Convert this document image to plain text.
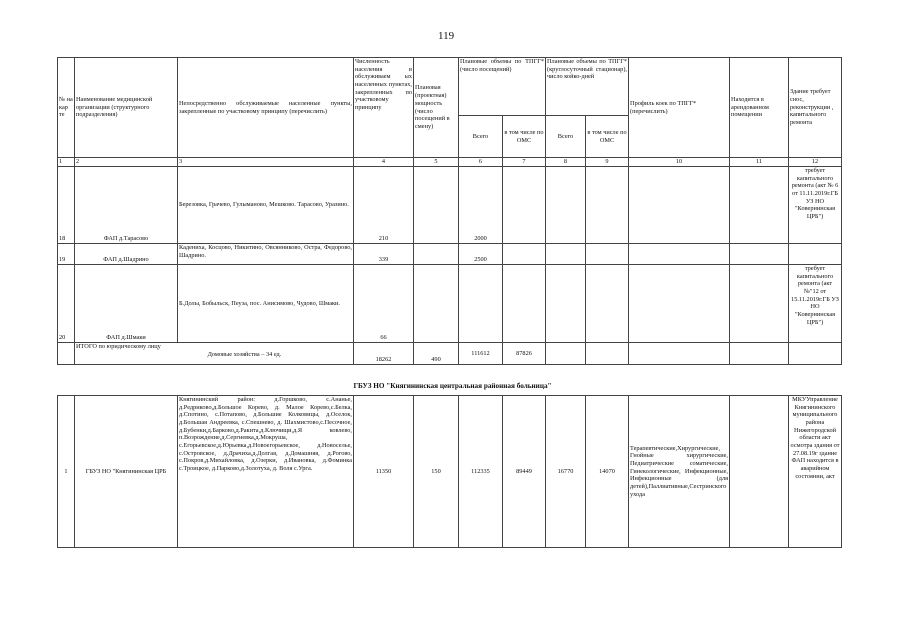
119
№ на кар те	Наименование медицинской организации (структурного подразделения)	Непосредственно обслуживаемые населенные пункты, закрепленные по участковому принципу (перечислить)	Численность населения в обслуживаем ых населенных пунктах, закрепленных по участковому принципу	Плановая (проектная) мощность (число посещений в смену)	Плановые объемы по ТПГГ* (число посещений)		Плановые объемы по ТПГГ* (круглосуточный стационар), число койко-дней		Профиль коек по ТПГГ* (перечислить)	Находится в арендованном помещении	Здание требует снос, реконструкции , капитального ремонта
					Всего	в том числе по ОМС	Всего	в том числе по ОМС			
1	2	3	4	5	6	7	8	9	10	11	12
18	ФАП д.Тарасово	Березовка, Грачево, Гулыманово, Мешково. Тарасово, Уразино.	210		2000						требует капитального ремонта (акт № 6 от 11.11.2019г.ГБ УЗ НО "Ковернинская ЦРБ")
19	ФАП д.Шадрино	Кадениха, Косцово, Никитино, Овсянниково, Остра, Федорово, Шадрино.	339		2500						
20	ФАП д.Шмаки	Б.Долы, Бобыльск, Пеуза, пос. Анисимово, Чудово, Шмаки.	66								требует капитального ремонта (акт №"12 от 15.11.2019г.ГБ УЗ НО "Ковернинская ЦРБ")
	ИТОГО по юридическому лицу Домовые хозяйства – 34 ед.		18262	490	111612	87826					
ГБУЗ НО "Княгининская центральная районная больница"
1	ГБУЗ НО "Княгининская ЦРБ	Княгининский район: д.Горшково, с.Ананье, д.Редриково,д.Большое Корево, д. Малое Корево,с.Белка, д.Спотино, с.Потапово, д.Большие Колковицы, д.Оселок, д.Большая Андреевка, с.Спешнево, д. Шахмистово,с.Песочное, д.Бубенки,д.Барково,д.Ракита,д.Ключищи,д.Я ковлево, п.Возрождение,д.Сергиевка,д.Мокруша, с.Егорьевское,д.Юрьевка,д.Новоегорьевское, д.Новоселье, с.Островское, д.Драчиха,д.Долгая, д.Домашняя, д.Рогово, с.Покров,д.Михайловка, д.Озерки, д.Ивановка, д.Фоминка с.Троицкое, д.Парково,д.Золотуха, д. Воля с.Урга.	11350	150	112335	89449	16770	14070	Терапевтические,Хирургические, Гнойные хирургические, Педиатрические соматические, Гинекологические, Инфекционные, Инфекционные (для детей),Паллиативные,Сестринского ухода		МКУУправление Княгининского муниципального района Нижегородской области акт осмотра здания от 27.08.19г здание ФАП находится в аварийном состоянии, акт
